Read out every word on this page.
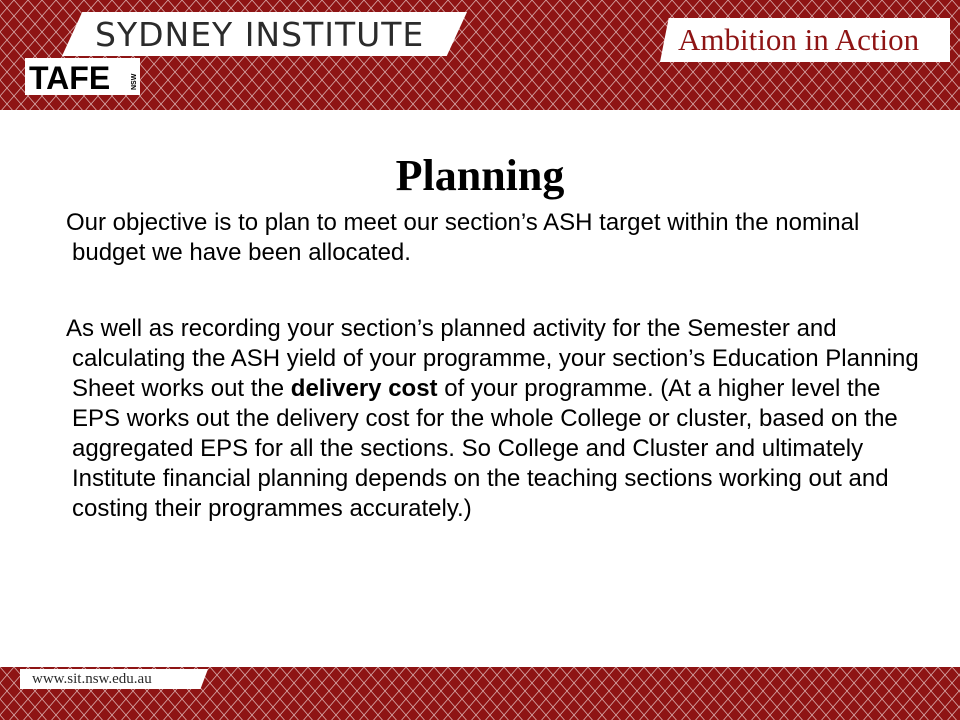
SYDNEY INSTITUTE
TAFE	NSW
Ambition in Action
Planning

Our objective is to plan to meet our section’s ASH target within the nominal budget we have been allocated.

As well as recording your section’s planned activity for the Semester and calculating the ASH yield of your programme, your section’s Education Planning Sheet works out the delivery cost of your programme. (At a higher level the EPS works out the delivery cost for the whole College or cluster, based on the aggregated EPS for all the sections. So College and Cluster and ultimately Institute financial planning depends on the teaching sections working out and costing their programmes accurately.)

www.sit.nsw.edu.au
